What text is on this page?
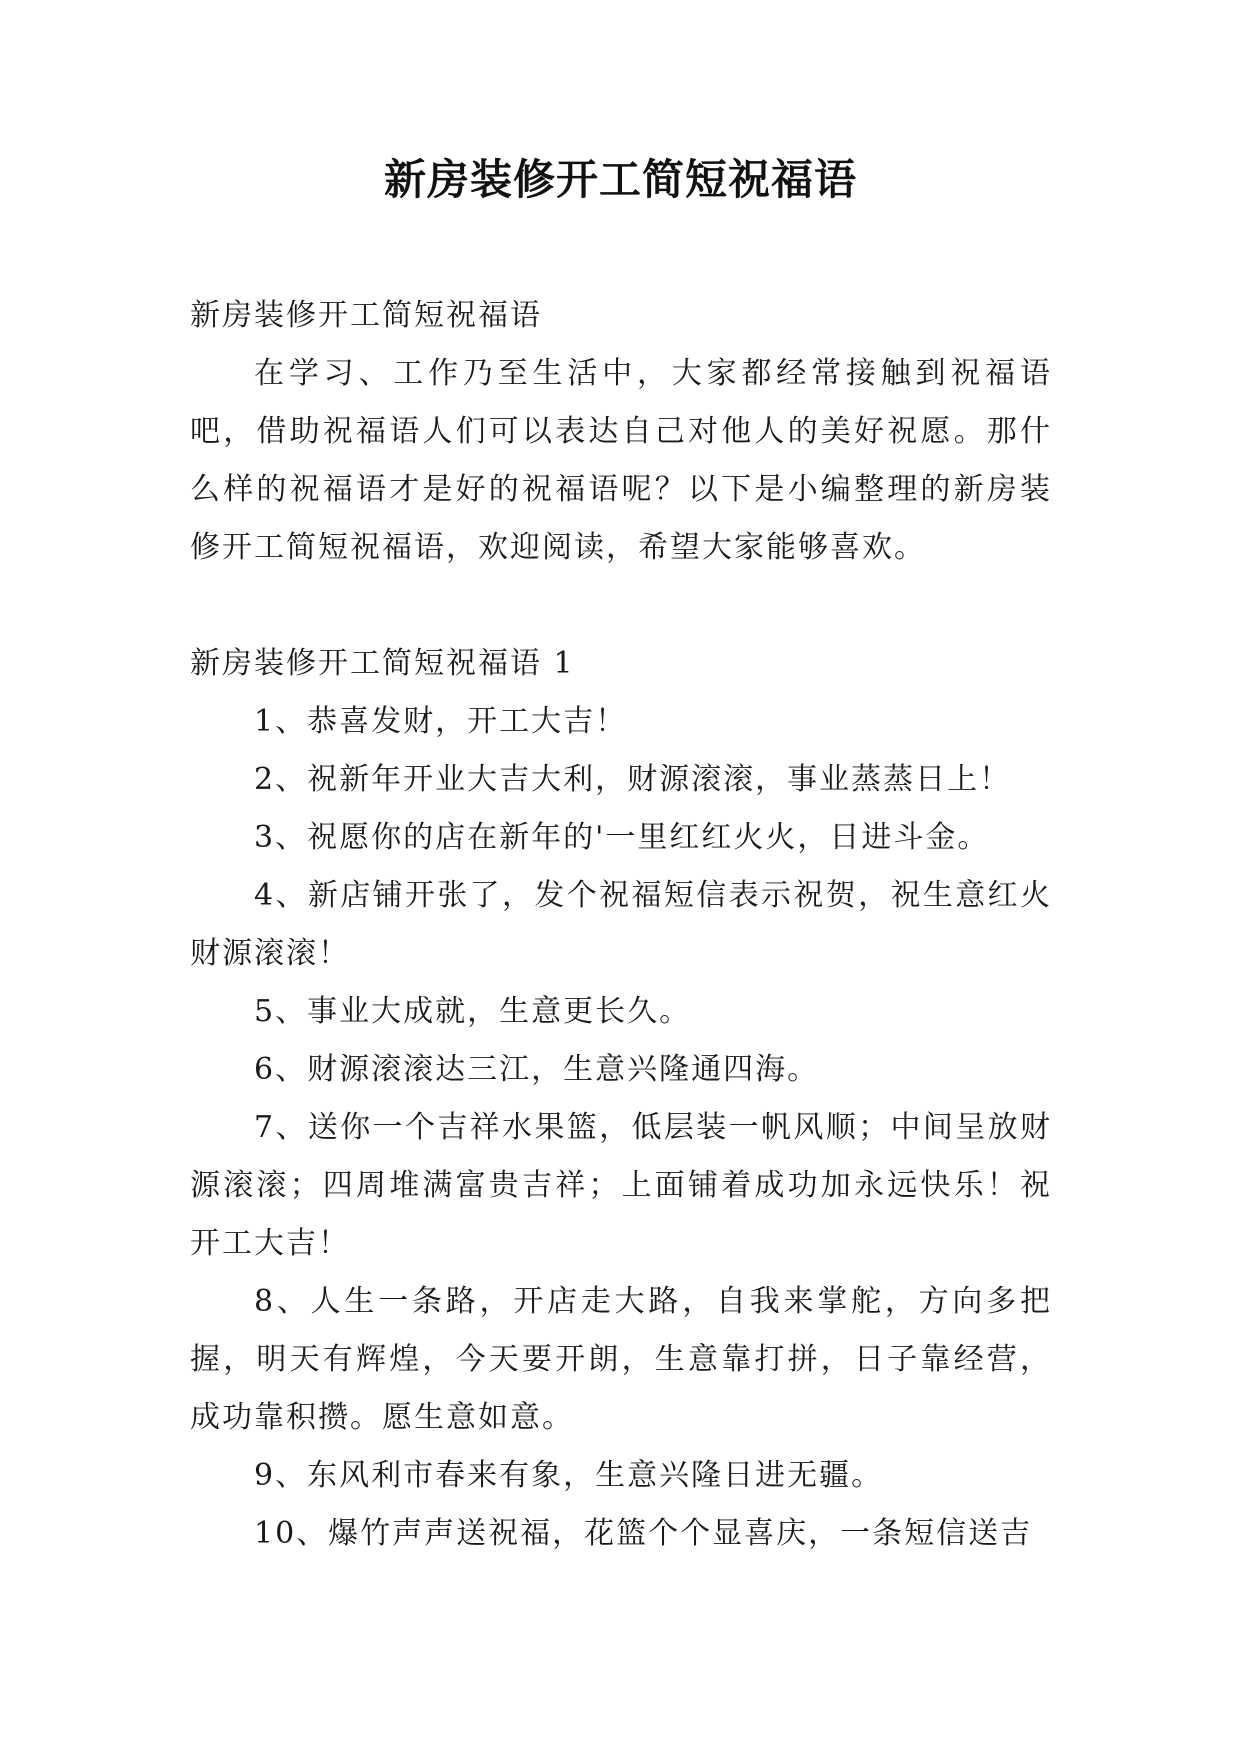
新房装修开工简短祝福语

新房装修开工简短祝福语

在学习、工作乃至生活中，大家都经常接触到祝福语吧，借助祝福语人们可以表达自己对他人的美好祝愿。那什么样的祝福语才是好的祝福语呢？以下是小编整理的新房装修开工简短祝福语，欢迎阅读，希望大家能够喜欢。

新房装修开工简短祝福语 1

1、恭喜发财，开工大吉！

2、祝新年开业大吉大利，财源滚滚，事业蒸蒸日上！

3、祝愿你的店在新年的'一里红红火火，日进斗金。

4、新店铺开张了，发个祝福短信表示祝贺，祝生意红火财源滚滚！

5、事业大成就，生意更长久。

6、财源滚滚达三江，生意兴隆通四海。

7、送你一个吉祥水果篮，低层装一帆风顺；中间呈放财源滚滚；四周堆满富贵吉祥；上面铺着成功加永远快乐！祝开工大吉！

8、人生一条路，开店走大路，自我来掌舵，方向多把握，明天有辉煌，今天要开朗，生意靠打拼，日子靠经营，成功靠积攒。愿生意如意。

9、东风利市春来有象，生意兴隆日进无疆。

10、爆竹声声送祝福，花篮个个显喜庆，一条短信送吉
